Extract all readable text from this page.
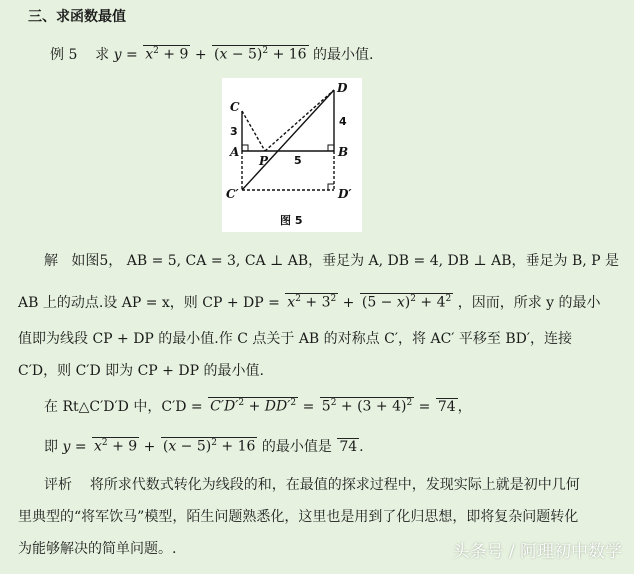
三、求函数最值
例 5 求 $y = x^2 + 9 + (x - 5)^2 + 16$ 的最小值.
C
A
P
B
D
C′	D′
3
4
5
图 5
解 如图5， AB = 5, CA = 3, CA ⊥ AB，垂足为 A, DB = 4, DB ⊥ AB，垂足为 B, P 是
AB 上的动点.设 AP = x，则 CP + DP = $x^2 + 3^2 + (5 - x)^2 + 4^2$ ，因而，所求 y 的最小
值即为线段 CP + DP 的最小值.作 C 点关于 AB 的对称点 C′，将 AC′ 平移至 BD′，连接
C′D，则 C′D 即为 CP + DP 的最小值.
在 Rt△C′D′D 中，$C'D = C'D'^2 + DD'^2 = 5^2 + (3 + 4)^2 = 74$ ，
即 $y = x^2 + 9 + (x - 5)^2 + 16$ 的最小值是 74 .
评析 将所求代数式转化为线段的和，在最值的探求过程中，发现实际上就是初中几何
里典型的“将军饮马”模型，陌生问题熟悉化，这里也是用到了化归思想，即将复杂问题转化
为能够解决的简单问题。.	头条号 / 阿理初中数学
